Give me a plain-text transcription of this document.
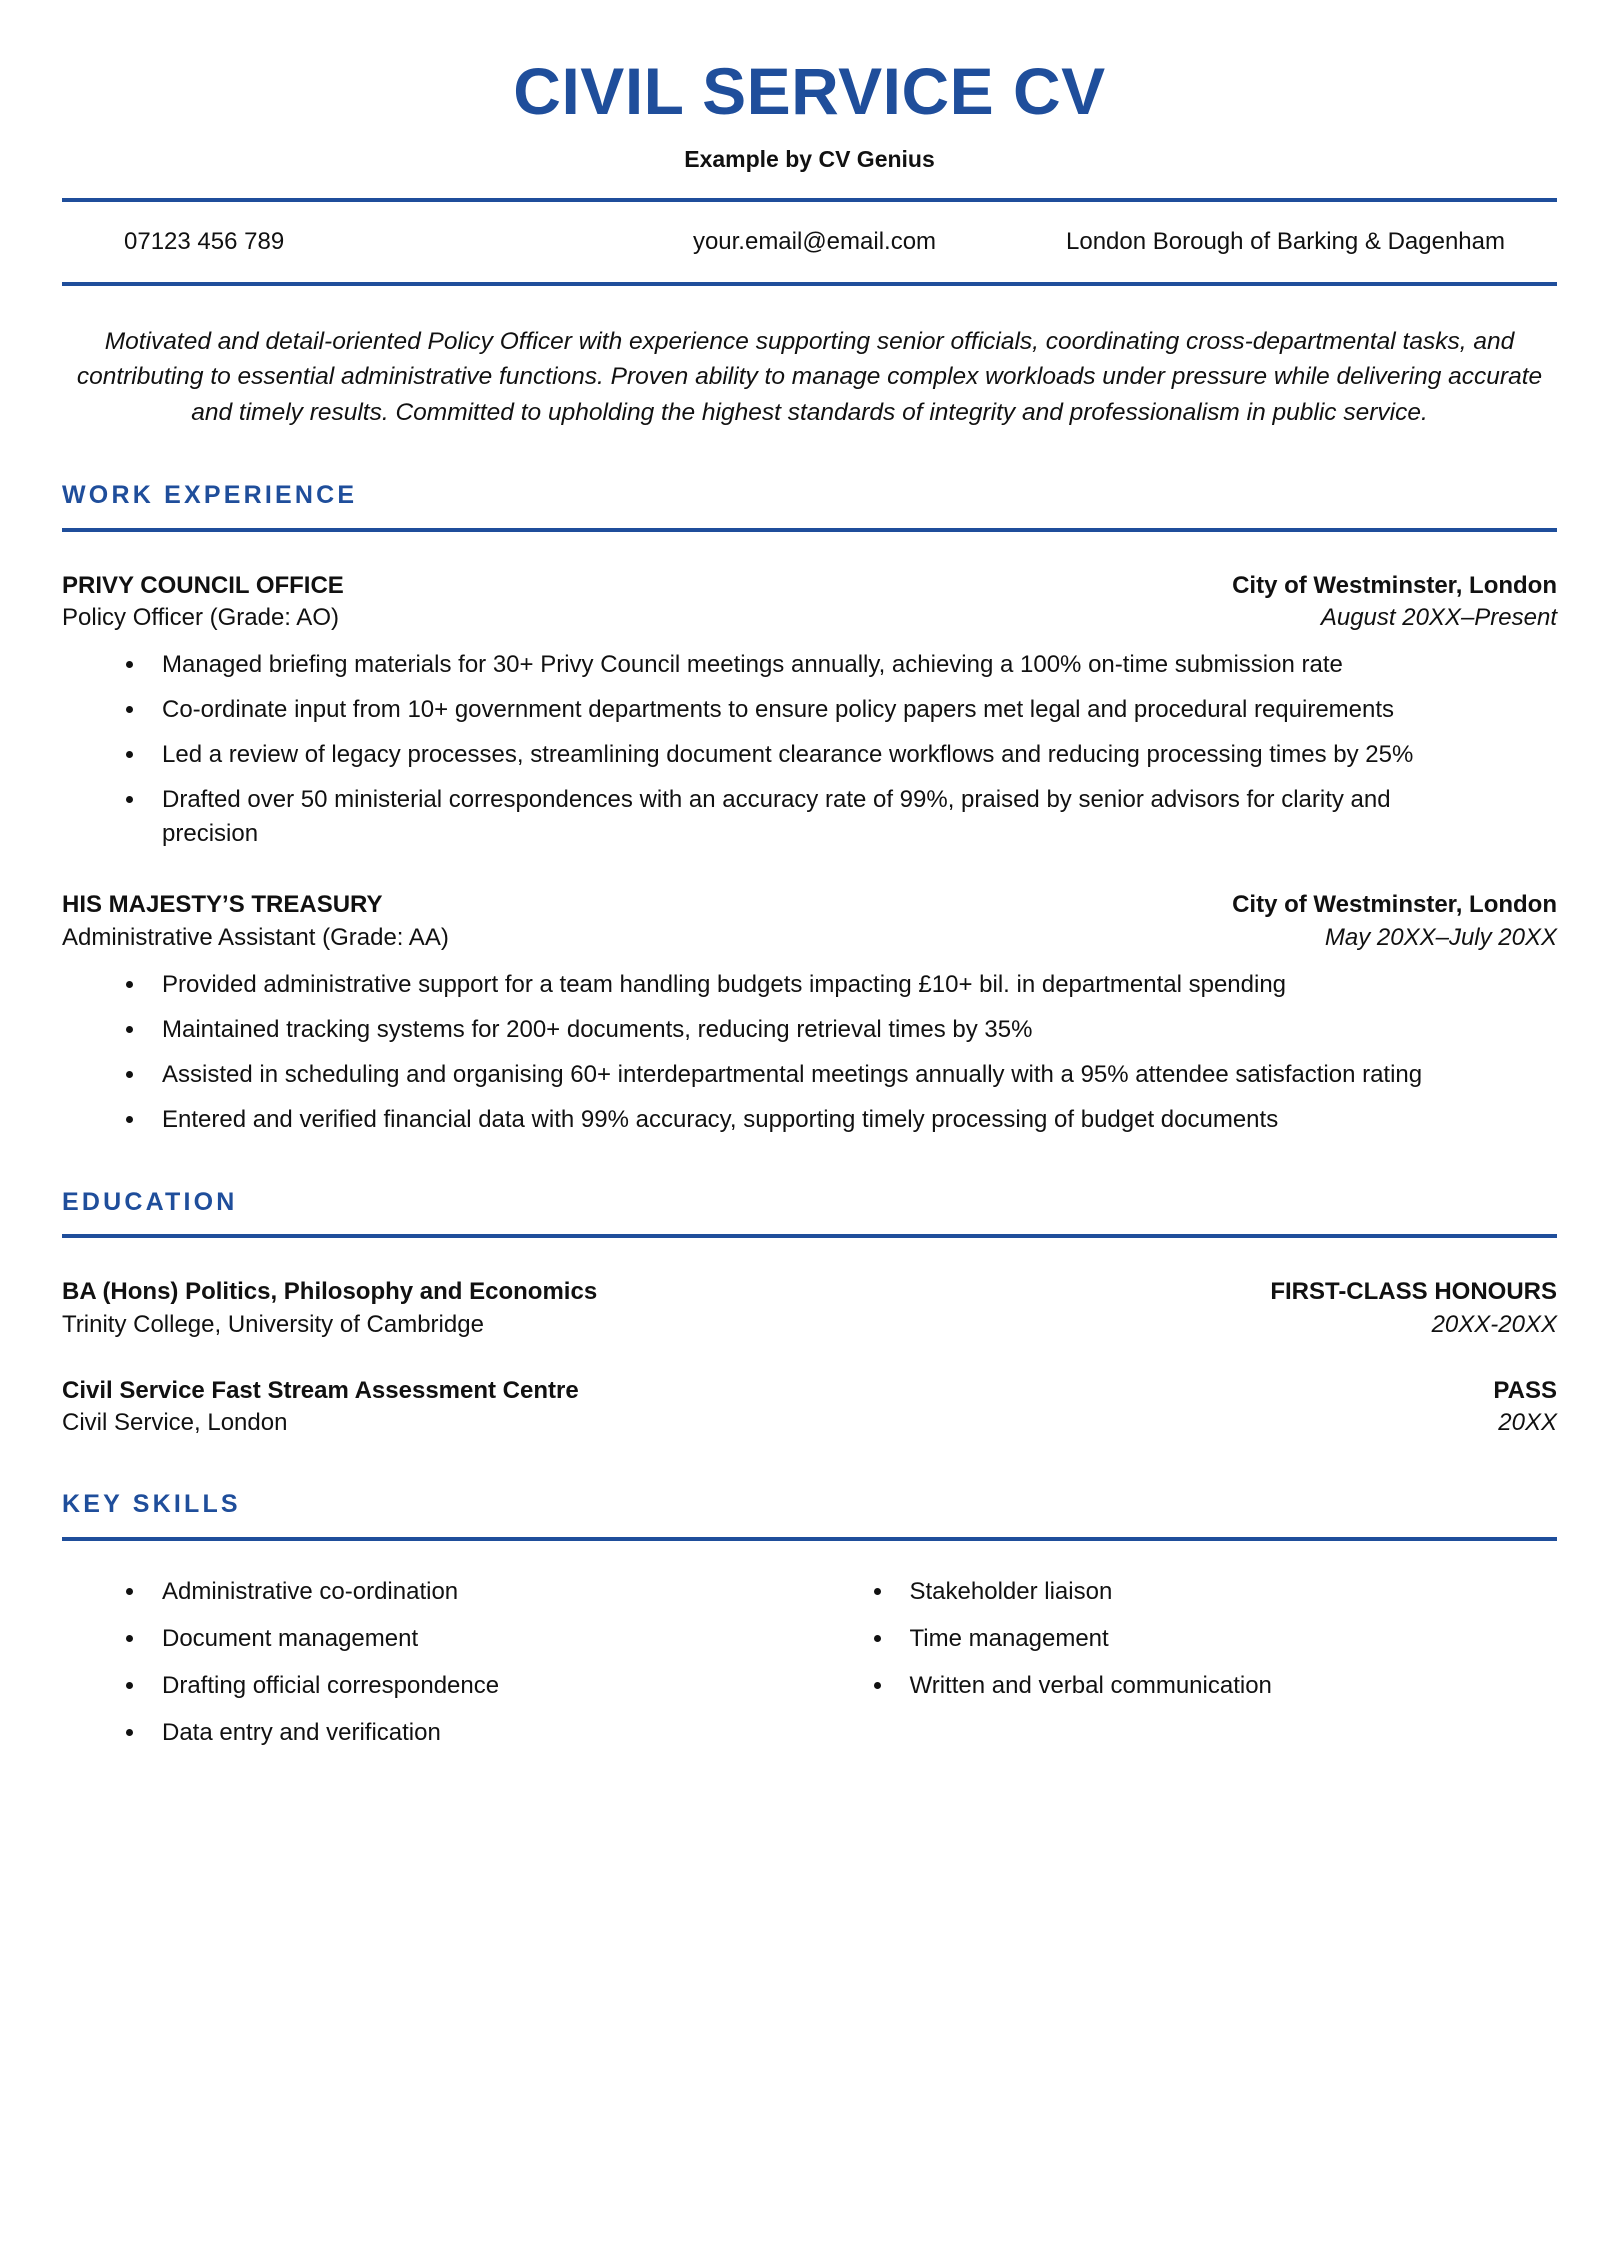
CIVIL SERVICE CV
Example by CV Genius
07123 456 789	your.email@email.com	London Borough of Barking & Dagenham
Motivated and detail-oriented Policy Officer with experience supporting senior officials, coordinating cross-departmental tasks, and contributing to essential administrative functions. Proven ability to manage complex workloads under pressure while delivering accurate and timely results. Committed to upholding the highest standards of integrity and professionalism in public service.
WORK EXPERIENCE
PRIVY COUNCIL OFFICE	City of Westminster, London
Policy Officer (Grade: AO)	August 20XX–Present
Managed briefing materials for 30+ Privy Council meetings annually, achieving a 100% on-time submission rate
Co-ordinate input from 10+ government departments to ensure policy papers met legal and procedural requirements
Led a review of legacy processes, streamlining document clearance workflows and reducing processing times by 25%
Drafted over 50 ministerial correspondences with an accuracy rate of 99%, praised by senior advisors for clarity and precision
HIS MAJESTY’S TREASURY	City of Westminster, London
Administrative Assistant (Grade: AA)	May 20XX–July 20XX
Provided administrative support for a team handling budgets impacting £10+ bil. in departmental spending
Maintained tracking systems for 200+ documents, reducing retrieval times by 35%
Assisted in scheduling and organising 60+ interdepartmental meetings annually with a 95% attendee satisfaction rating
Entered and verified financial data with 99% accuracy, supporting timely processing of budget documents
EDUCATION
BA (Hons) Politics, Philosophy and Economics	FIRST-CLASS HONOURS
Trinity College, University of Cambridge	20XX-20XX
Civil Service Fast Stream Assessment Centre	PASS
Civil Service, London	20XX
KEY SKILLS
Administrative co-ordination
Document management
Drafting official correspondence
Data entry and verification
Stakeholder liaison
Time management
Written and verbal communication
